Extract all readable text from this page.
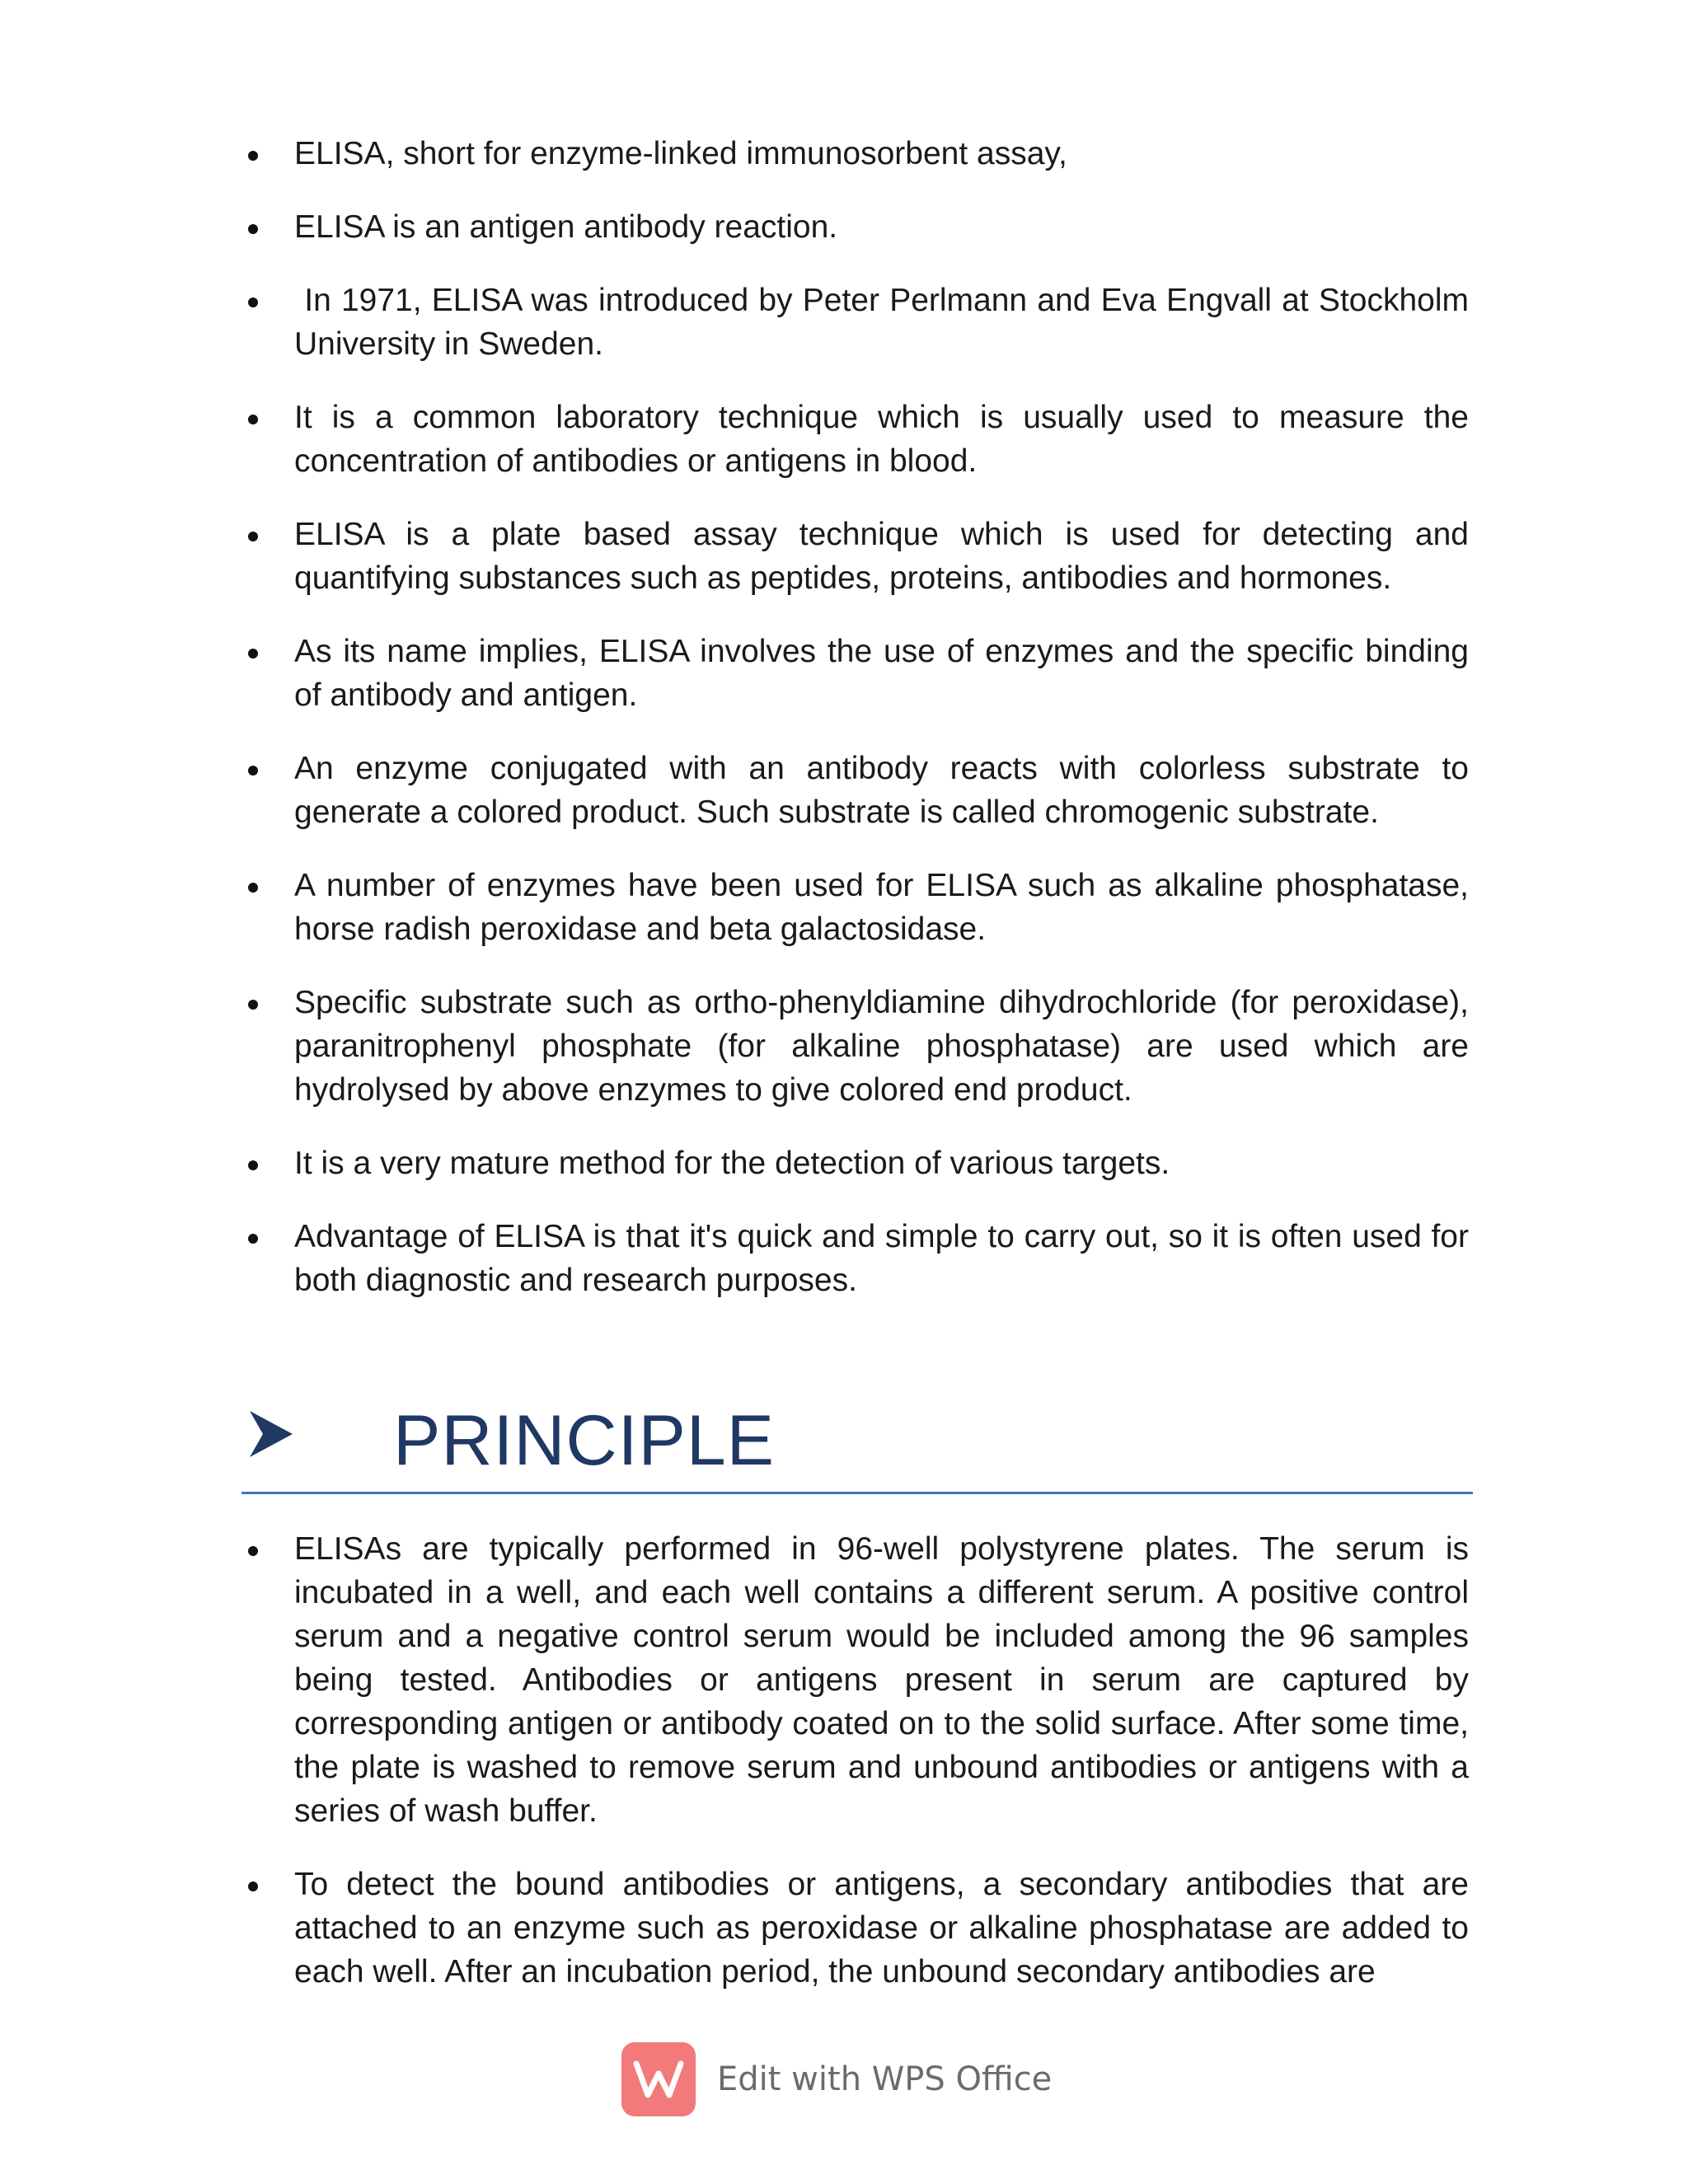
ELISA, short for enzyme-linked immunosorbent assay,
ELISA is an antigen antibody reaction.
In 1971, ELISA was introduced by Peter Perlmann and Eva Engvall at Stockholm University in Sweden.
It is a common laboratory technique which is usually used to measure the concentration of antibodies or antigens in blood.
ELISA is a plate based assay technique which is used for detecting and quantifying substances such as peptides, proteins, antibodies and hormones.
As its name implies, ELISA involves the use of enzymes and the specific binding of antibody and antigen.
An enzyme conjugated with an antibody reacts with colorless substrate to generate a colored product. Such substrate is called chromogenic substrate.
A number of enzymes have been used for ELISA such as alkaline phosphatase, horse radish peroxidase and beta galactosidase.
Specific substrate such as ortho-phenyldiamine dihydrochloride (for peroxidase), paranitrophenyl phosphate (for alkaline phosphatase) are used which are hydrolysed by above enzymes to give colored end product.
It is a very mature method for the detection of various targets.
Advantage of ELISA is that it's quick and simple to carry out, so it is often used for both diagnostic and research purposes.
PRINCIPLE
ELISAs are typically performed in 96-well polystyrene plates. The serum is incubated in a well, and each well contains a different serum. A positive control serum and a negative control serum would be included among the 96 samples being tested. Antibodies or antigens present in serum are captured by corresponding antigen or antibody coated on to the solid surface. After some time, the plate is washed to remove serum and unbound antibodies or antigens with a series of wash buffer.
To detect the bound antibodies or antigens, a secondary antibodies that are attached to an enzyme such as peroxidase or alkaline phosphatase are added to each well. After an incubation period, the unbound secondary antibodies are
Edit with WPS Office
